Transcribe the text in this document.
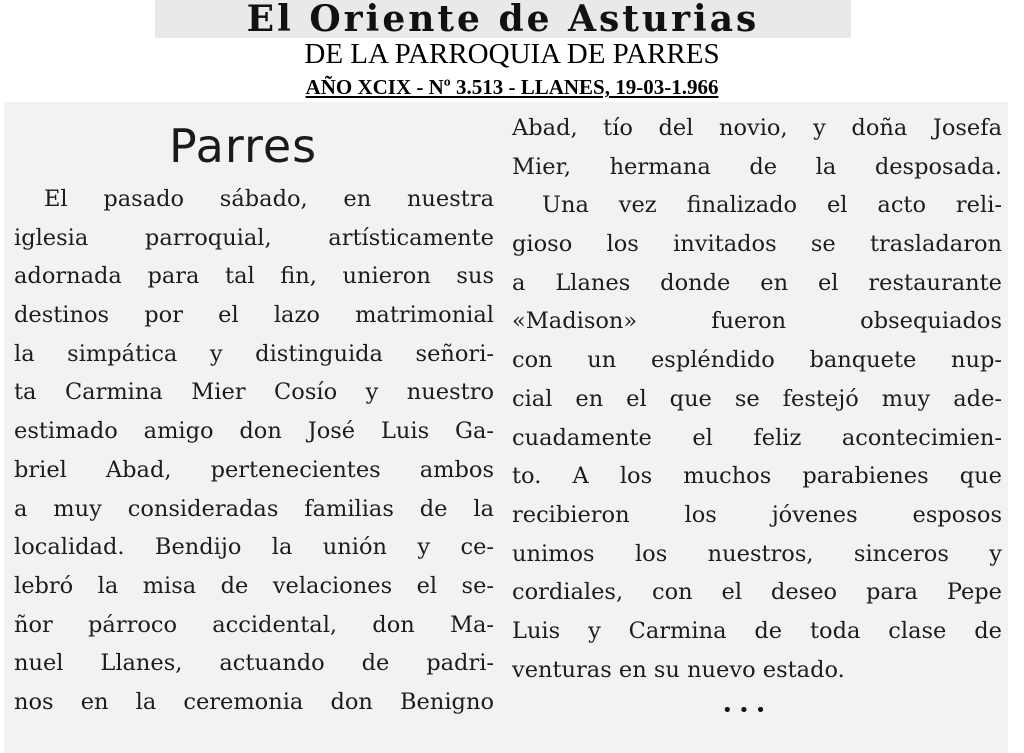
El Oriente de Asturias
DE LA PARROQUIA DE PARRES
AÑO XCIX - Nº 3.513 - LLANES, 19-03-1.966
Parres
El pasado sábado, en nuestra
iglesia parroquial, artísticamente
adornada para tal fin, unieron sus
destinos por el lazo matrimonial
la simpática y distinguida señori-
ta Carmina Mier Cosío y nuestro
estimado amigo don José Luis Ga-
briel Abad, pertenecientes ambos
a muy consideradas familias de la
localidad. Bendijo la unión y ce-
lebró la misa de velaciones el se-
ñor párroco accidental, don Ma-
nuel Llanes, actuando de padri-
nos en la ceremonia don Benigno
Abad, tío del novio, y doña Josefa
Mier, hermana de la desposada.
Una vez finalizado el acto reli-
gioso los invitados se trasladaron
a Llanes donde en el restaurante
«Madison» fueron obsequiados
con un espléndido banquete nup-
cial en el que se festejó muy ade-
cuadamente el feliz acontecimien-
to. A los muchos parabienes que
recibieron los jóvenes esposos
unimos los nuestros, sinceros y
cordiales, con el deseo para Pepe
Luis y Carmina de toda clase de
venturas en su nuevo estado.
•••
